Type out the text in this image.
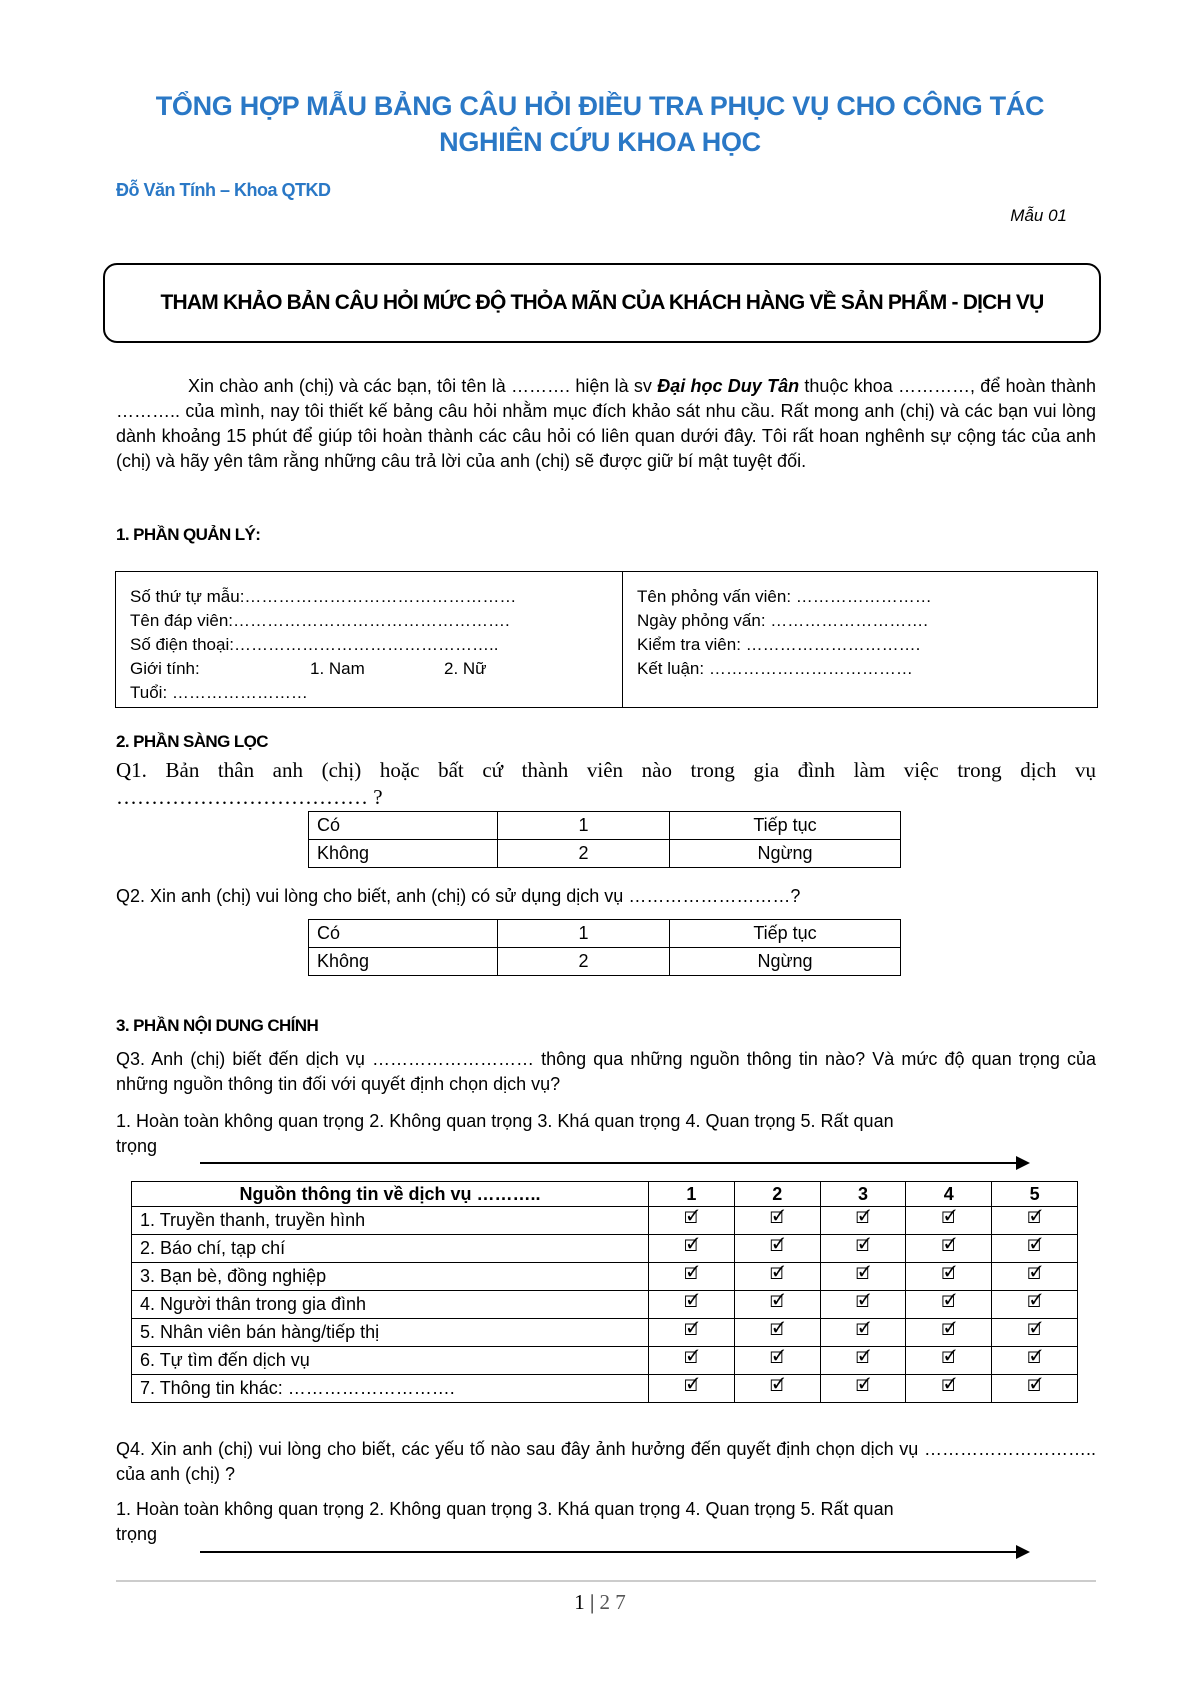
TỔNG HỢP MẪU BẢNG CÂU HỎI ĐIỀU TRA PHỤC VỤ CHO CÔNG TÁC
NGHIÊN CỨU KHOA HỌC
Đỗ Văn Tính – Khoa QTKD
Mẫu 01
THAM KHẢO BẢN CÂU HỎI MỨC ĐỘ THỎA MÃN CỦA KHÁCH HÀNG VỀ SẢN PHẨM - DỊCH VỤ
Xin chào anh (chị) và các bạn, tôi tên là ………. hiện là sv Đại học Duy Tân thuộc khoa …………, để hoàn thành ……….. của mình, nay tôi thiết kế bảng câu hỏi nhằm mục đích khảo sát nhu cầu. Rất mong anh (chị) và các bạn vui lòng dành khoảng 15 phút để giúp tôi hoàn thành các câu hỏi có liên quan dưới đây. Tôi rất hoan nghênh sự cộng tác của anh (chị) và hãy yên tâm rằng những câu trả lời của anh (chị) sẽ được giữ bí mật tuyệt đối.
1. PHẦN QUẢN LÝ:
Số thứ tự mẫu:…………………………………………
Tên đáp viên:………………………………………….
Số điện thoại:………………………………………..
Giới tính:	1. Nam	2. Nữ
Tuổi: ……………………
Tên phỏng vấn viên: ……………………
Ngày phỏng vấn: ……………………….
Kiểm tra viên: ………………………….
Kết luận: ………………………………
2. PHẦN SÀNG LỌC
Q1. Bản thân anh (chị) hoặc bất cứ thành viên nào trong gia đình làm việc trong dịch vụ ……………………………… ?
Có	1	Tiếp tục
Không	2	Ngừng
Q2. Xin anh (chị) vui lòng cho biết, anh (chị) có sử dụng dịch vụ ………………………?
Có	1	Tiếp tục
Không	2	Ngừng
3. PHẦN NỘI DUNG CHÍNH
Q3. Anh (chị) biết đến dịch vụ ……………………… thông qua những nguồn thông tin nào? Và mức độ quan trọng của những nguồn thông tin đối với quyết định chọn dịch vụ?
1. Hoàn toàn không quan trọng 2. Không quan trọng 3. Khá quan trọng 4. Quan trọng 5. Rất quan
trọng
Nguồn thông tin về dịch vụ ………..	1	2	3	4	5
1. Truyền thanh, truyền hình	🗹	🗹	🗹	🗹	🗹
2. Báo chí, tạp chí	🗹	🗹	🗹	🗹	🗹
3. Bạn bè, đồng nghiệp	🗹	🗹	🗹	🗹	🗹
4. Người thân trong gia đình	🗹	🗹	🗹	🗹	🗹
5. Nhân viên bán hàng/tiếp thị	🗹	🗹	🗹	🗹	🗹
6. Tự tìm đến dịch vụ	🗹	🗹	🗹	🗹	🗹
7. Thông tin khác: ……………………….	🗹	🗹	🗹	🗹	🗹
Q4. Xin anh (chị) vui lòng cho biết, các yếu tố nào sau đây ảnh hưởng đến quyết định chọn dịch vụ ……………………….. của anh (chị) ?
1. Hoàn toàn không quan trọng 2. Không quan trọng 3. Khá quan trọng 4. Quan trọng 5. Rất quan
trọng
1 | 2 7
